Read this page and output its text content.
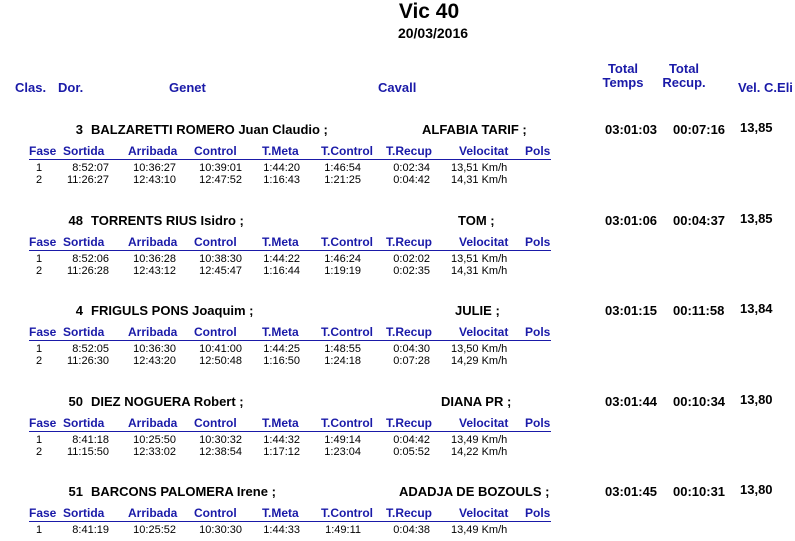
Vic 40
20/03/2016
Clas. Dor.	Genet	Cavall
Total
Temps
Total
Recup.	Vel. C.Eli
3 BALZARETTI ROMERO Juan Claudio ;	ALFABIA TARIF ;	03:01:03 00:07:16 13,85
Fase Sortida Arribada Control T.Meta T.Control T.Recup Velocitat Pols
1	8:52:07	10:36:27	10:39:01	1:44:20	1:46:54	0:02:34 13,51 Km/h
2	11:26:27	12:43:10	12:47:52	1:16:43	1:21:25	0:04:42 14,31 Km/h
48 TORRENTS RIUS Isidro ;	TOM ;	03:01:06 00:04:37 13,85
Fase Sortida Arribada Control T.Meta T.Control T.Recup Velocitat Pols
1	8:52:06	10:36:28	10:38:30	1:44:22	1:46:24	0:02:02 13,51 Km/h
2	11:26:28	12:43:12	12:45:47	1:16:44	1:19:19	0:02:35 14,31 Km/h
4 FRIGULS PONS Joaquim ;	JULIE ;	03:01:15 00:11:58 13,84
Fase Sortida Arribada Control T.Meta T.Control T.Recup Velocitat Pols
1	8:52:05	10:36:30	10:41:00	1:44:25	1:48:55	0:04:30 13,50 Km/h
2	11:26:30	12:43:20	12:50:48	1:16:50	1:24:18	0:07:28 14,29 Km/h
50 DIEZ NOGUERA Robert ;	DIANA PR ;	03:01:44 00:10:34 13,80
Fase Sortida Arribada Control T.Meta T.Control T.Recup Velocitat Pols
1	8:41:18	10:25:50	10:30:32	1:44:32	1:49:14	0:04:42 13,49 Km/h
2	11:15:50	12:33:02	12:38:54	1:17:12	1:23:04	0:05:52 14,22 Km/h
51 BARCONS PALOMERA Irene ;	ADADJA DE BOZOULS ;	03:01:45 00:10:31 13,80
Fase Sortida Arribada Control T.Meta T.Control T.Recup Velocitat Pols
1	8:41:19	10:25:52	10:30:30	1:44:33	1:49:11	0:04:38 13,49 Km/h
